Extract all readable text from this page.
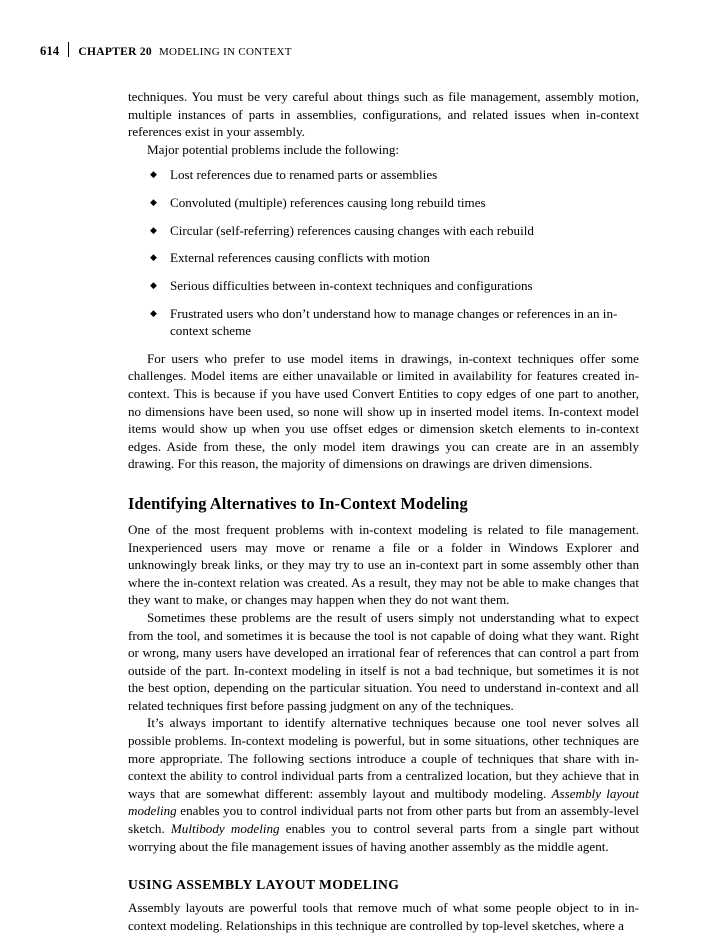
614	CHAPTER 20 MODELING IN CONTEXT

techniques. You must be very careful about things such as file management, assembly motion, multiple instances of parts in assemblies, configurations, and related issues when in-context references exist in your assembly.

Major potential problems include the following:

◆ Lost references due to renamed parts or assemblies
◆ Convoluted (multiple) references causing long rebuild times
◆ Circular (self-referring) references causing changes with each rebuild
◆ External references causing conflicts with motion
◆ Serious difficulties between in-context techniques and configurations
◆ Frustrated users who don’t understand how to manage changes or references in an in-context scheme

For users who prefer to use model items in drawings, in-context techniques offer some challenges. Model items are either unavailable or limited in availability for features created in-context. This is because if you have used Convert Entities to copy edges of one part to another, no dimensions have been used, so none will show up in inserted model items. In-context model items would show up when you use offset edges or dimension sketch elements to in-context edges. Aside from these, the only model item drawings you can create are in an assembly drawing. For this reason, the majority of dimensions on drawings are driven dimensions.

Identifying Alternatives to In-Context Modeling

One of the most frequent problems with in-context modeling is related to file management. Inexperienced users may move or rename a file or a folder in Windows Explorer and unknowingly break links, or they may try to use an in-context part in some assembly other than where the in-context relation was created. As a result, they may not be able to make changes that they want to make, or changes may happen when they do not want them.

Sometimes these problems are the result of users simply not understanding what to expect from the tool, and sometimes it is because the tool is not capable of doing what they want. Right or wrong, many users have developed an irrational fear of references that can control a part from outside of the part. In-context modeling in itself is not a bad technique, but sometimes it is not the best option, depending on the particular situation. You need to understand in-context and all related techniques first before passing judgment on any of the techniques.

It’s always important to identify alternative techniques because one tool never solves all possible problems. In-context modeling is powerful, but in some situations, other techniques are more appropriate. The following sections introduce a couple of techniques that share with in-context the ability to control individual parts from a centralized location, but they achieve that in ways that are somewhat different: assembly layout and multibody modeling. Assembly layout modeling enables you to control individual parts not from other parts but from an assembly-level sketch. Multibody modeling enables you to control several parts from a single part without worrying about the file management issues of having another assembly as the middle agent.

USING ASSEMBLY LAYOUT MODELING

Assembly layouts are powerful tools that remove much of what some people object to in in-context modeling. Relationships in this technique are controlled by top-level sketches, where a
